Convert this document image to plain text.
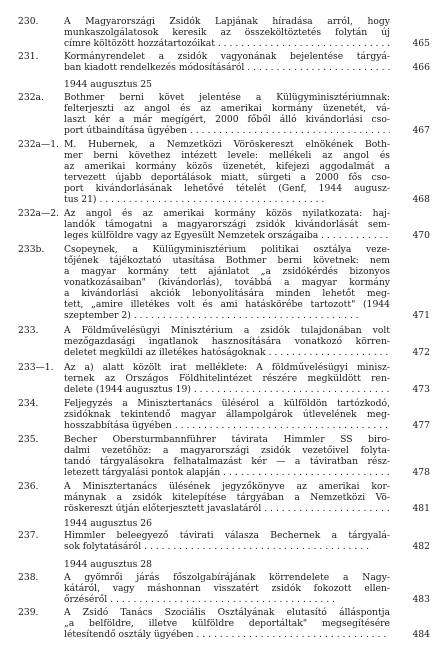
230.	A Magyarországi Zsidók Lapjának híradása arról, hogy
munkaszolgálatosok keresik az összeköltöztetés folytán új
címre költözött hozzátartozóikat . . .	465
231.	Kormányrendelet a zsidók vagyonának bejelentése tárgyá-
ban kiadott rendelkezés módosításáról . . .	466
1944 augusztus 25
232a.	Bothmer berni követ jelentése a Külügyminisztériumnak:
felterjeszti az angol és az amerikai kormány üzenetét, vá-
laszt kér a már megígért, 2000 főből álló kivándorlási cso-
port útbaindítása ügyében . . .	467
232a—1. M. Hubernek, a Nemzetközi Vöröskereszt elnökének Both-
mer berni követhez intézett levele: mellékeli az angol és
az amerikai kormány közös üzenetét, kifejezi aggodalmát a
tervezett újabb deportálások miatt, sürgeti a 2000 fős cso-
port kivándorlásának lehetővé tételét (Genf, 1944 augusz-
tus 21) . . .	468
232a—2. Az angol és az amerikai kormány közös nyilatkozata: haj-
landók támogatni a magyarországi zsidók kivándorlását sem-
leges külföldre vagy az Egyesült Nemzetek országaiba . . .	470
233b.	Csopeynek, a Külügyminisztérium politikai osztálya veze-
tőjének tájékoztató utasítása Bothmer berni követnek: nem
a magyar kormány tett ajánlatot „a zsidókérdés bizonyos
vonatkozásaiban" (kivándorlás), továbbá a magyar kormány
a kivándorlási akciók lebonyolítására minden lehetőt meg-
tett, „amire illetékes volt és ami hatáskörébe tartozott" (1944
szeptember 2) . . .	471
233.	A Földművelésügyi Minisztérium a zsidók tulajdonában volt
mezőgazdasági ingatlanok hasznosítására vonatkozó körren-
deletet megküldi az illetékes hatóságoknak . . .	472
233—1.	Az a) alatt közölt irat melléklete: A földművelésügyi minisz-
ternek az Országos Földhitelintézet részére megküldött ren-
delete (1944 augusztus 19) . . .	473
234.	Feljegyzés a Minisztertanács ülésérol a külföldön tartózkodó,
zsidóknak tekintendő magyar állampolgárok útlevelének meg-
hosszabbítása ügyében . . .	477
235.	Becher Obersturmbannführer távirata Himmler SS biro-
dalmi vezetőhöz: a magyarországi zsidók vezetőivel folyta-
tandó tárgyalásokra felhatalmazást kér — a táviratban rész-
letezett tárgyalási pontok alapján . . .	478
236.	A Minisztertanács ülésének jegyzőkönyve az amerikai kor-
mánynak a zsidók kitelepítése tárgyában a Nemzetközi Vö-
röskereszt útján előterjesztett javaslatáról . . .	481
1944 augusztus 26
237.	Himmler beleegyező távirati válasza Bechernek a tárgyalá-
sok folytatásáról . . .	482
1944 augusztus 28
238.	A gyömrői járás főszolgabírájának körrendelete a Nagy-
kátáról, vagy máshonnan visszatért zsidók fokozott ellen-
őrzéséről . . .	483
239.	A Zsidó Tanács Szociális Osztályának elutasító álláspontja
„a belföldre, illetve külföldre deportáltak" megsegítésére
létesítendő osztály ügyében . . .	484
